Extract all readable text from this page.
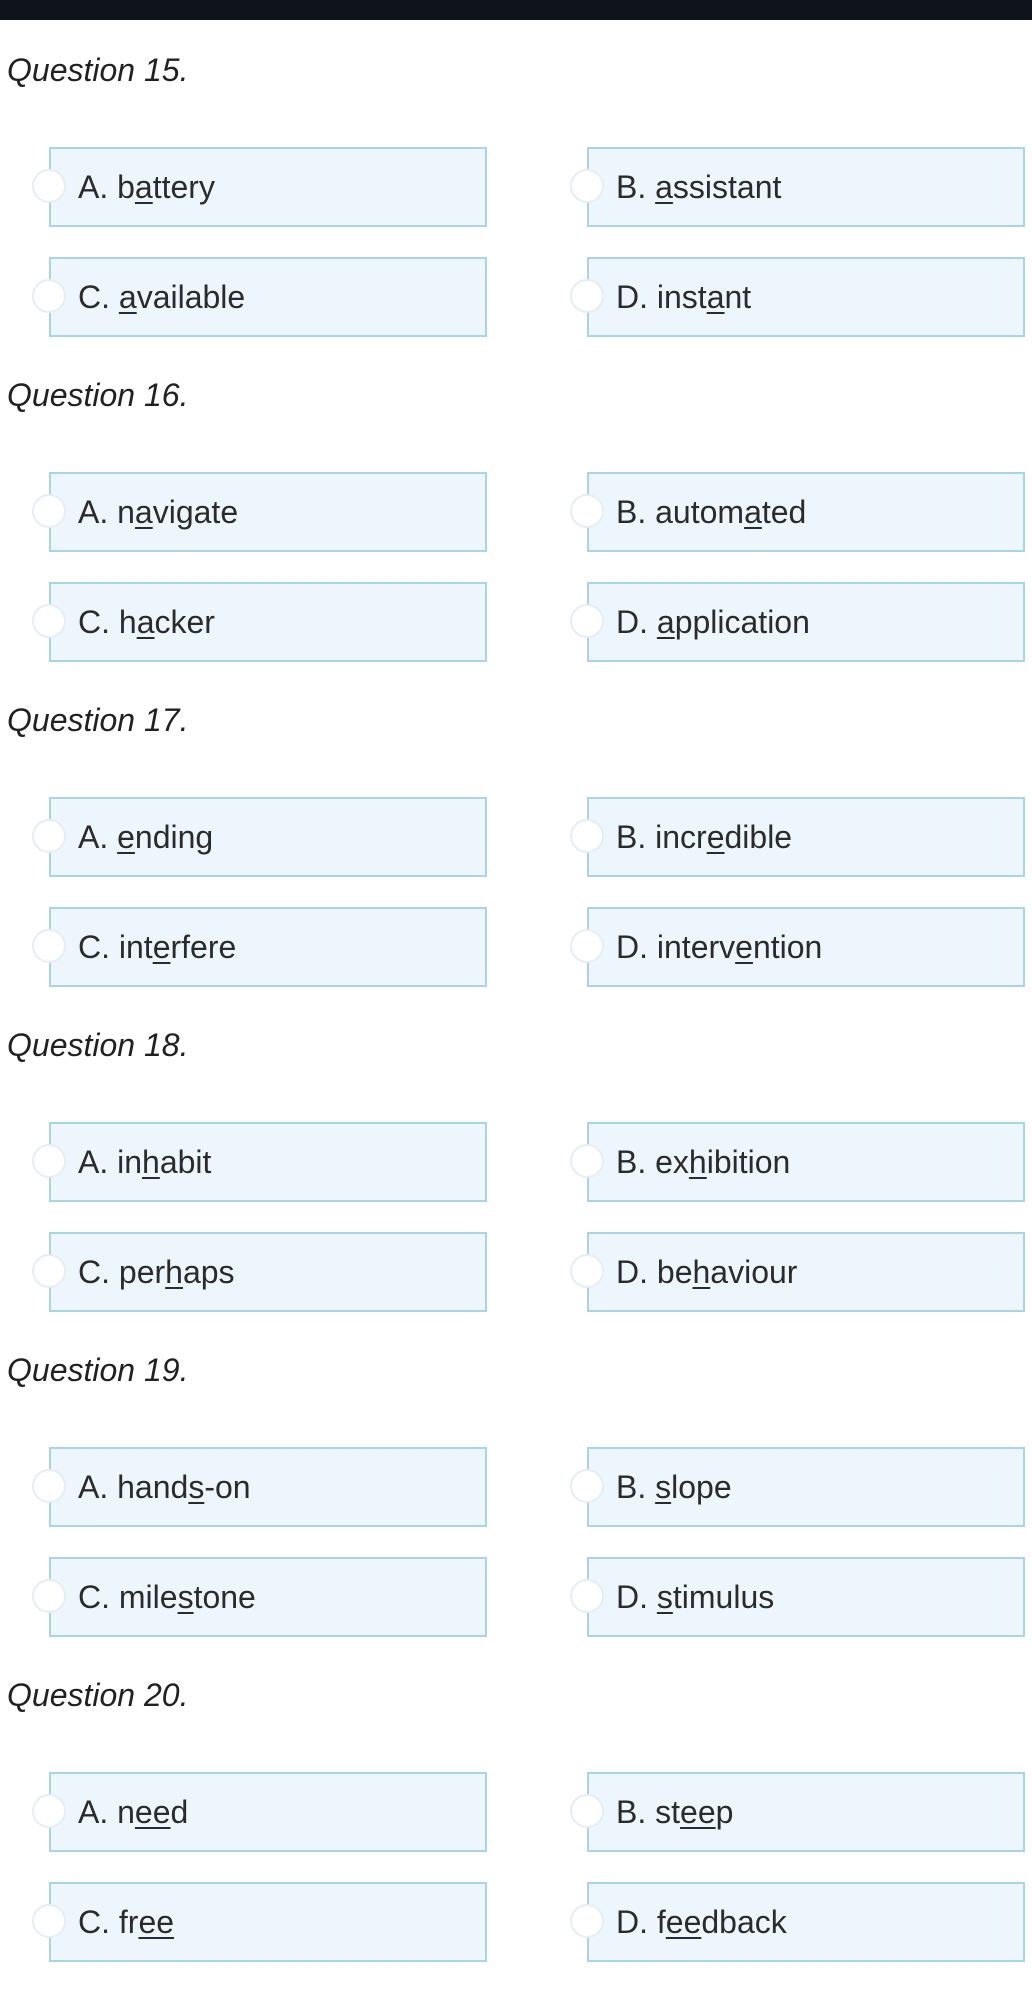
Question 15.
A. battery	B. assistant
C. available	D. instant
Question 16.
A. navigate	B. automated
C. hacker	D. application
Question 17.
A. ending	B. incredible
C. interfere	D. intervention
Question 18.
A. inhabit	B. exhibition
C. perhaps	D. behaviour
Question 19.
A. hands-on	B. slope
C. milestone	D. stimulus
Question 20.
A. need	B. steep
C. free	D. feedback
